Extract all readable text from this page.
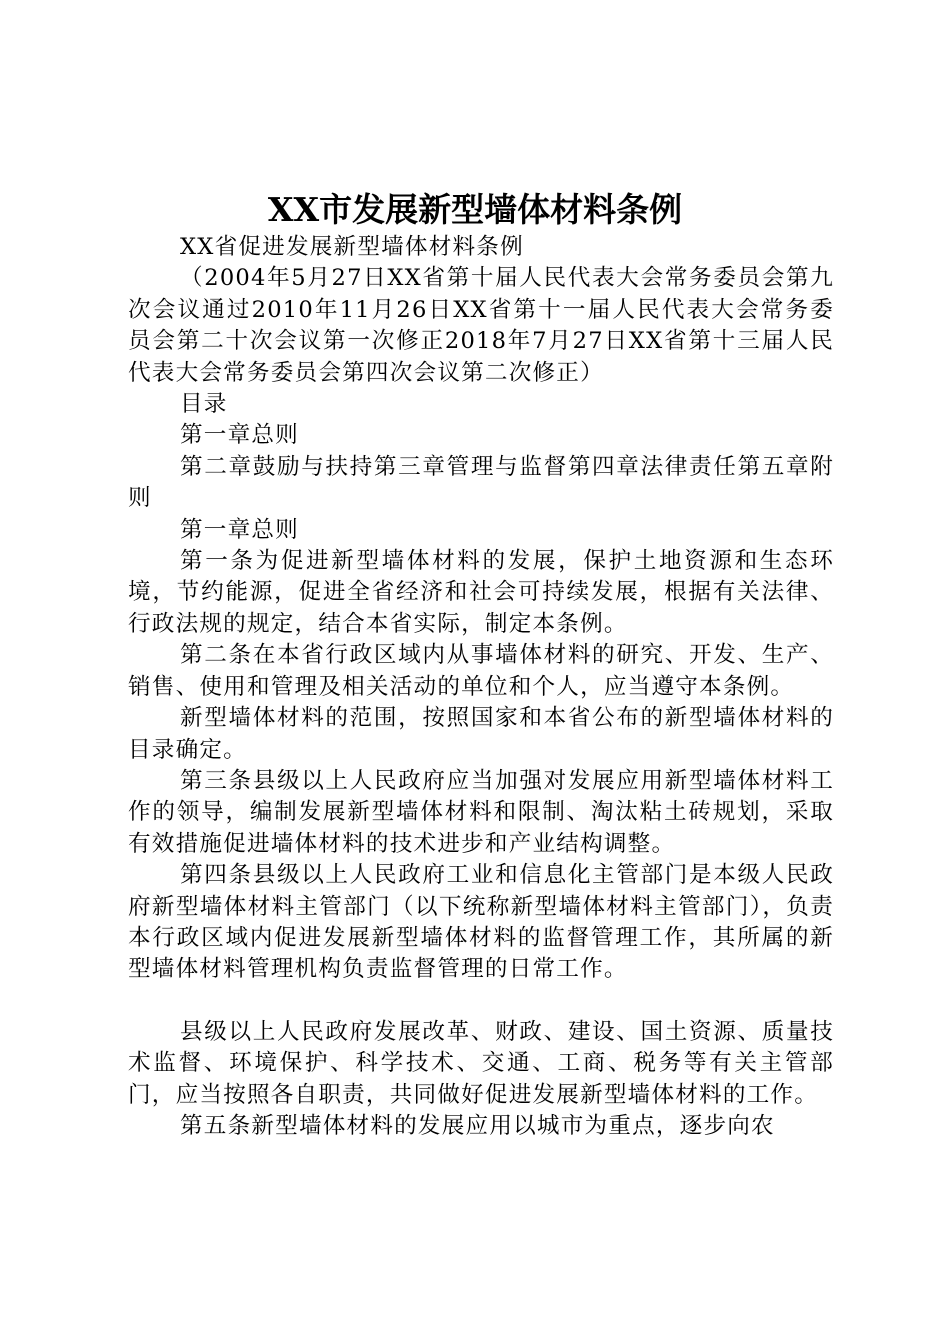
XX市发展新型墙体材料条例

XX省促进发展新型墙体材料条例

（2004年5月27日XX省第十届人民代表大会常务委员会第九次会议通过2010年11月26日XX省第十一届人民代表大会常务委员会第二十次会议第一次修正2018年7月27日XX省第十三届人民代表大会常务委员会第四次会议第二次修正）

目录

第一章总则

第二章鼓励与扶持第三章管理与监督第四章法律责任第五章附则

第一章总则

第一条为促进新型墙体材料的发展，保护土地资源和生态环境，节约能源，促进全省经济和社会可持续发展，根据有关法律、行政法规的规定，结合本省实际，制定本条例。

第二条在本省行政区域内从事墙体材料的研究、开发、生产、销售、使用和管理及相关活动的单位和个人，应当遵守本条例。

新型墙体材料的范围，按照国家和本省公布的新型墙体材料的目录确定。

第三条县级以上人民政府应当加强对发展应用新型墙体材料工作的领导，编制发展新型墙体材料和限制、淘汰粘土砖规划，采取有效措施促进墙体材料的技术进步和产业结构调整。

第四条县级以上人民政府工业和信息化主管部门是本级人民政府新型墙体材料主管部门（以下统称新型墙体材料主管部门），负责本行政区域内促进发展新型墙体材料的监督管理工作，其所属的新型墙体材料管理机构负责监督管理的日常工作。

县级以上人民政府发展改革、财政、建设、国土资源、质量技术监督、环境保护、科学技术、交通、工商、税务等有关主管部门，应当按照各自职责，共同做好促进发展新型墙体材料的工作。

第五条新型墙体材料的发展应用以城市为重点，逐步向农
